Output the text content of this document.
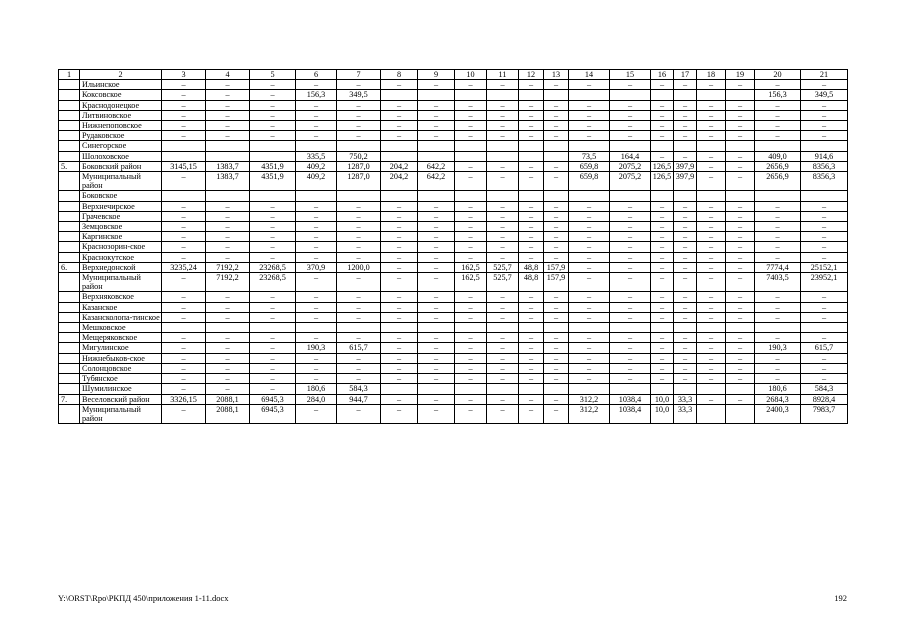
1	2	3	4	5	6	7	8	9	10	11	12	13	14	15	16	17	18	19	20	21
	Ильинское	–	–	–	–	–	–	–	–	–	–	–	–	–	–	–	–	–	–	–
	Коксовское	–	–	–	156,3	349,5													156,3	349,5
	Краснодонецкое	–	–	–	–	–	–	–	–	–	–	–	–	–	–	–	–	–	–	–
	Литвиновское	–	–	–	–	–	–	–	–	–	–	–	–	–	–	–	–	–	–	–
	Нижнепоповское	–	–	–	–	–	–	–	–	–	–	–	–	–	–	–	–	–	–	–
	Рудаковское	–	–	–	–	–	–	–	–	–	–	–	–	–	–	–	–	–	–	–
	Синегорское																			
	Шолоховское				335,5	750,2							73,5	164,4	–	–	–	–	409,0	914,6
5.	Боковский район	3145,15	1383,7	4351,9	409,2	1287,0	204,2	642,2	–	–	–	–	659,8	2075,2	126,5	397,9	–	–	2656,9	8356,3
	Муниципальный район	–	1383,7	4351,9	409,2	1287,0	204,2	642,2	–	–	–	–	659,8	2075,2	126,5	397,9	–	–	2656,9	8356,3
	Боковское																			
	Верхнечирское	–	–	–	–	–	–	–	–	–	–	–	–	–	–	–	–	–	–	–
	Грачевское	–	–	–	–	–	–	–	–	–	–	–	–	–	–	–	–	–	–	–
	Земцовское	–	–	–	–	–	–	–	–	–	–	–	–	–	–	–	–	–	–	–
	Каргинское	–	–	–	–	–	–	–	–	–	–	–	–	–	–	–	–	–	–	–
	Краснозорин-ское	–	–	–	–	–	–	–	–	–	–	–	–	–	–	–	–	–	–	–
	Краснокутское	–	–	–	–	–	–	–	–	–	–	–	–	–	–	–	–	–	–	–
6.	Верхнедонской	3235,24	7192,2	23268,5	370,9	1200,0	–	–	162,5	525,7	48,8	157,9	–	–	–	–	–	–	7774,4	25152,1
	Муниципальный район	–	7192,2	23268,5	–	–	–	–	162,5	525,7	48,8	157,9	–	–	–	–	–	–	7403,5	23952,1
	Верхняковское	–	–	–	–	–	–	–	–	–	–	–	–	–	–	–	–	–	–	–
	Казанское	–	–	–	–	–	–	–	–	–	–	–	–	–	–	–	–	–	–	–
	Казансколопа-тинское	–	–	–	–	–	–	–	–	–	–	–	–	–	–	–	–	–	–	–
	Мешковское																			
	Мещеряковское	–	–	–	–	–	–	–	–	–	–	–	–	–	–	–	–	–	–	–
	Мигулинское	–	–	–	190,3	615,7	–	–	–	–	–	–	–	–	–	–	–	–	190,3	615,7
	Нижнебыков-ское	–	–	–	–	–	–	–	–	–	–	–	–	–	–	–	–	–	–	–
	Солонцовское	–	–	–	–	–	–	–	–	–	–	–	–	–	–	–	–	–	–	–
	Тубянское	–	–	–	–	–	–	–	–	–	–	–	–	–	–	–	–	–	–	–
	Шумилинское	–	–	–	180,6	584,3													180,6	584,3
7.	Веселовский район	3326,15	2088,1	6945,3	284,0	944,7	–	–	–	–	–	–	312,2	1038,4	10,0	33,3	–	–	2684,3	8928,4
	Муниципальный район	–	2088,1	6945,3	–	–	–	–	–	–	–	–	312,2	1038,4	10,0	33,3			2400,3	7983,7
Y:\ORST\Rpo\РКПД 450\приложения 1-11.docx	192
